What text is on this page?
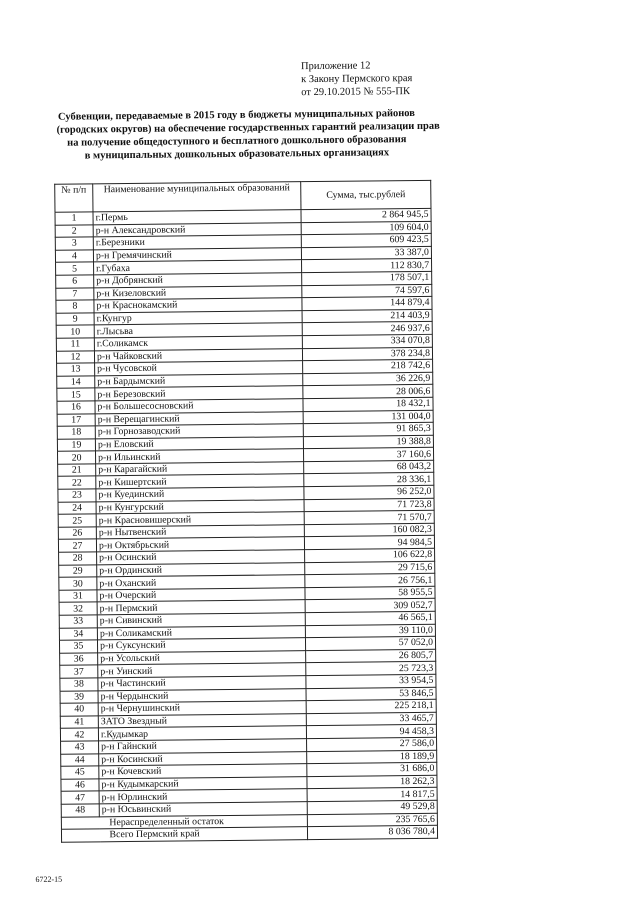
Приложение 12
к Закону Пермского края
от 29.10.2015 № 555-ПК
Субвенции, передаваемые в 2015 году в бюджеты муниципальных районов
(городских округов) на обеспечение государственных гарантий реализации прав
на получение общедоступного и бесплатного дошкольного образования
в муниципальных дошкольных образовательных организациях
№ п/п	Наименование муниципальных образований	Сумма, тыс.рублей
1	г.Пермь	2 864 945,5
2	р-н Александровский	109 604,0
3	г.Березники	609 423,5
4	р-н Гремячинский	33 387,0
5	г.Губаха	112 830,7
6	р-н Добрянский	178 507,1
7	р-н Кизеловский	74 597,6
8	р-н Краснокамский	144 879,4
9	г.Кунгур	214 403,9
10	г.Лысьва	246 937,6
11	г.Соликамск	334 070,8
12	р-н Чайковский	378 234,8
13	р-н Чусовской	218 742,6
14	р-н Бардымский	36 226,9
15	р-н Березовский	28 006,6
16	р-н Большесосновский	18 432,1
17	р-н Верещагинский	131 004,0
18	р-н Горнозаводский	91 865,3
19	р-н Еловский	19 388,8
20	р-н Ильинский	37 160,6
21	р-н Карагайский	68 043,2
22	р-н Кишертский	28 336,1
23	р-н Куединский	96 252,0
24	р-н Кунгурский	71 723,8
25	р-н Красновишерский	71 570,7
26	р-н Нытвенский	160 082,3
27	р-н Октябрьский	94 984,5
28	р-н Осинский	106 622,8
29	р-н Ординский	29 715,6
30	р-н Оханский	26 756,1
31	р-н Очерский	58 955,5
32	р-н Пермский	309 052,7
33	р-н Сивинский	46 565,1
34	р-н Соликамский	39 110,0
35	р-н Суксунский	57 052,0
36	р-н Усольский	26 805,7
37	р-н Уинский	25 723,3
38	р-н Частинский	33 954,5
39	р-н Чердынский	53 846,5
40	р-н Чернушинский	225 218,1
41	ЗАТО Звездный	33 465,7
42	г.Кудымкар	94 458,3
43	р-н Гайнский	27 586,0
44	р-н Косинский	18 189,9
45	р-н Кочевский	31 686,0
46	р-н Кудымкарский	18 262,3
47	р-н Юрлинский	14 817,5
48	р-н Юсьвинский	49 529,8
	Нераспределенный остаток	235 765,6
	Всего Пермский край	8 036 780,4
6722-15
